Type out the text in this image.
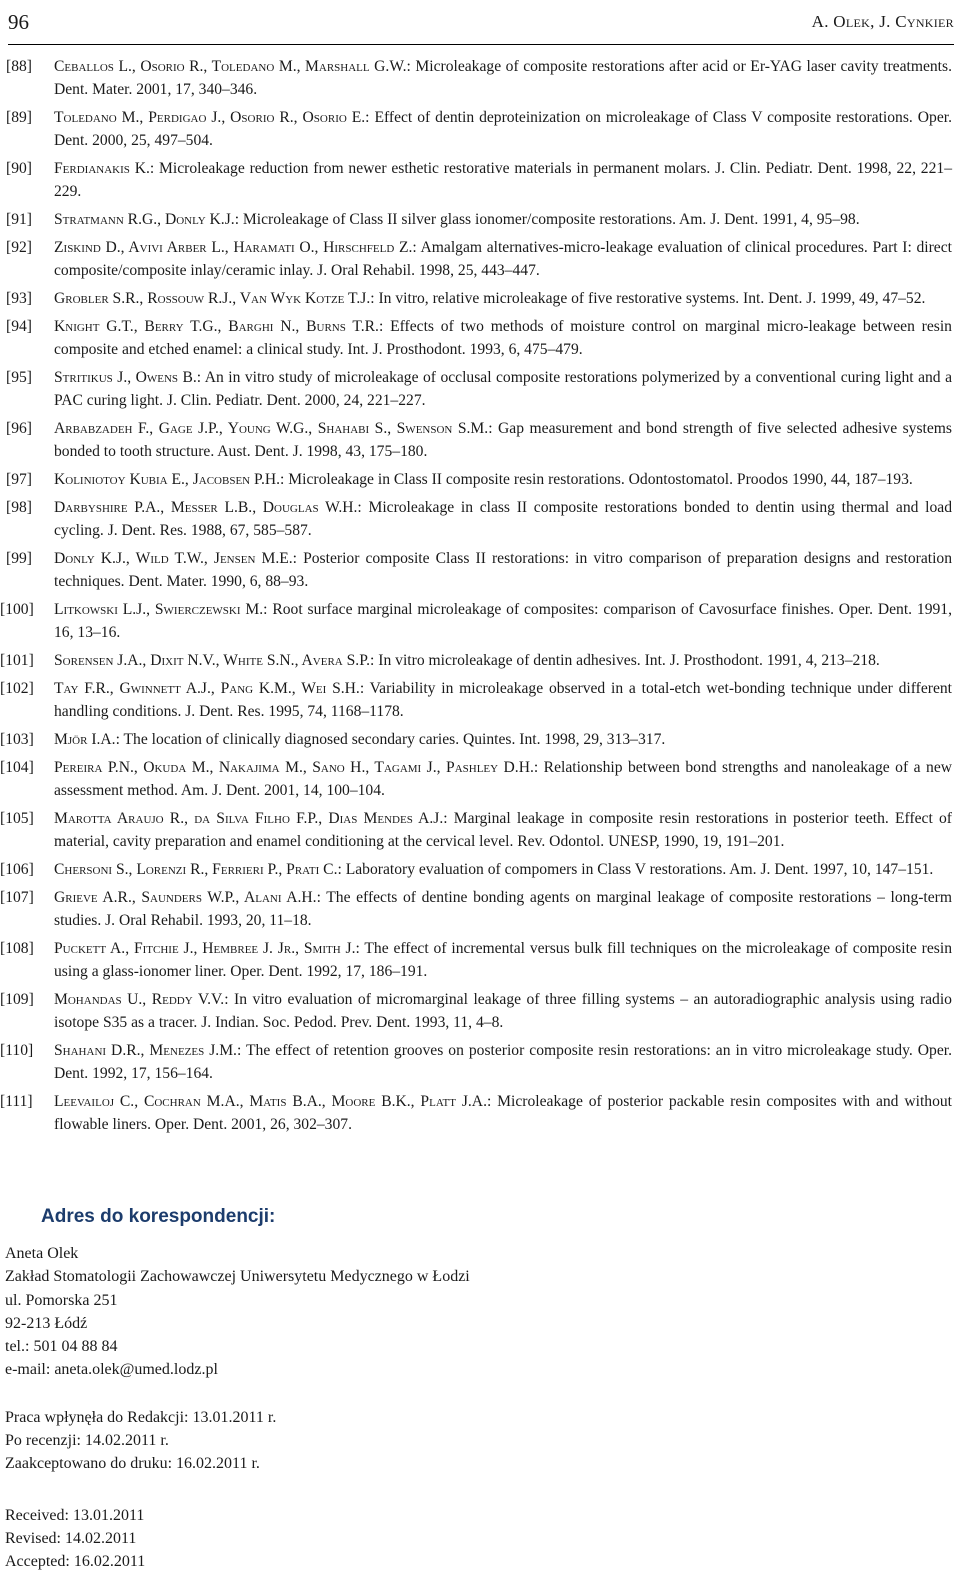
96	A. Olek, J. Cynkier
[88] Ceballos L., Osorio R., Toledano M., Marshall G.W.: Microleakage of composite restorations after acid or Er-YAG laser cavity treatments. Dent. Mater. 2001, 17, 340–346.
[89] Toledano M., Perdigao J., Osorio R., Osorio E.: Effect of dentin deproteinization on microleakage of Class V composite restorations. Oper. Dent. 2000, 25, 497–504.
[90] Ferdianakis K.: Microleakage reduction from newer esthetic restorative materials in permanent molars. J. Clin. Pediatr. Dent. 1998, 22, 221–229.
[91] Stratmann R.G., Donly K.J.: Microleakage of Class II silver glass ionomer/composite restorations. Am. J. Dent. 1991, 4, 95–98.
[92] Ziskind D., Avivi Arber L., Haramati O., Hirschfeld Z.: Amalgam alternatives-micro-leakage evaluation of clinical procedures. Part I: direct composite/composite inlay/ceramic inlay. J. Oral Rehabil. 1998, 25, 443–447.
[93] Grobler S.R., Rossouw R.J., Van Wyk Kotze T.J.: In vitro, relative microleakage of five restorative systems. Int. Dent. J. 1999, 49, 47–52.
[94] Knight G.T., Berry T.G., Barghi N., Burns T.R.: Effects of two methods of moisture control on marginal micro-leakage between resin composite and etched enamel: a clinical study. Int. J. Prosthodont. 1993, 6, 475–479.
[95] Stritikus J., Owens B.: An in vitro study of microleakage of occlusal composite restorations polymerized by a conventional curing light and a PAC curing light. J. Clin. Pediatr. Dent. 2000, 24, 221–227.
[96] Arbabzadeh F., Gage J.P., Young W.G., Shahabi S., Swenson S.M.: Gap measurement and bond strength of five selected adhesive systems bonded to tooth structure. Aust. Dent. J. 1998, 43, 175–180.
[97] Koliniotoy Kubia E., Jacobsen P.H.: Microleakage in Class II composite resin restorations. Odontostomatol. Proodos 1990, 44, 187–193.
[98] Darbyshire P.A., Messer L.B., Douglas W.H.: Microleakage in class II composite restorations bonded to dentin using thermal and load cycling. J. Dent. Res. 1988, 67, 585–587.
[99] Donly K.J., Wild T.W., Jensen M.E.: Posterior composite Class II restorations: in vitro comparison of preparation designs and restoration techniques. Dent. Mater. 1990, 6, 88–93.
[100] Litkowski L.J., Swierczewski M.: Root surface marginal microleakage of composites: comparison of Cavosurface finishes. Oper. Dent. 1991, 16, 13–16.
[101] Sorensen J.A., Dixit N.V., White S.N., Avera S.P.: In vitro microleakage of dentin adhesives. Int. J. Prosthodont. 1991, 4, 213–218.
[102] Tay F.R., Gwinnett A.J., Pang K.M., Wei S.H.: Variability in microleakage observed in a total-etch wet-bonding technique under different handling conditions. J. Dent. Res. 1995, 74, 1168–1178.
[103] Mjör I.A.: The location of clinically diagnosed secondary caries. Quintes. Int. 1998, 29, 313–317.
[104] Pereira P.N., Okuda M., Nakajima M., Sano H., Tagami J., Pashley D.H.: Relationship between bond strengths and nanoleakage of a new assessment method. Am. J. Dent. 2001, 14, 100–104.
[105] Marotta Araujo R., da Silva Filho F.P., Dias Mendes A.J.: Marginal leakage in composite resin restorations in posterior teeth. Effect of material, cavity preparation and enamel conditioning at the cervical level. Rev. Odontol. UNESP, 1990, 19, 191–201.
[106] Chersoni S., Lorenzi R., Ferrieri P., Prati C.: Laboratory evaluation of compomers in Class V restorations. Am. J. Dent. 1997, 10, 147–151.
[107] Grieve A.R., Saunders W.P., Alani A.H.: The effects of dentine bonding agents on marginal leakage of composite restorations – long-term studies. J. Oral Rehabil. 1993, 20, 11–18.
[108] Puckett A., Fitchie J., Hembree J. Jr., Smith J.: The effect of incremental versus bulk fill techniques on the microleakage of composite resin using a glass-ionomer liner. Oper. Dent. 1992, 17, 186–191.
[109] Mohandas U., Reddy V.V.: In vitro evaluation of micromarginal leakage of three filling systems – an autoradiographic analysis using radio isotope S35 as a tracer. J. Indian. Soc. Pedod. Prev. Dent. 1993, 11, 4–8.
[110] Shahani D.R., Menezes J.M.: The effect of retention grooves on posterior composite resin restorations: an in vitro microleakage study. Oper. Dent. 1992, 17, 156–164.
[111] Leevailoj C., Cochran M.A., Matis B.A., Moore B.K., Platt J.A.: Microleakage of posterior packable resin composites with and without flowable liners. Oper. Dent. 2001, 26, 302–307.
Adres do korespondencji:
Aneta Olek
Zakład Stomatologii Zachowawczej Uniwersytetu Medycznego w Łodzi
ul. Pomorska 251
92-213 Łódź
tel.: 501 04 88 84
e-mail: aneta.olek@umed.lodz.pl
Praca wpłynęła do Redakcji: 13.01.2011 r.
Po recenzji: 14.02.2011 r.
Zaakceptowano do druku: 16.02.2011 r.
Received: 13.01.2011
Revised: 14.02.2011
Accepted: 16.02.2011
